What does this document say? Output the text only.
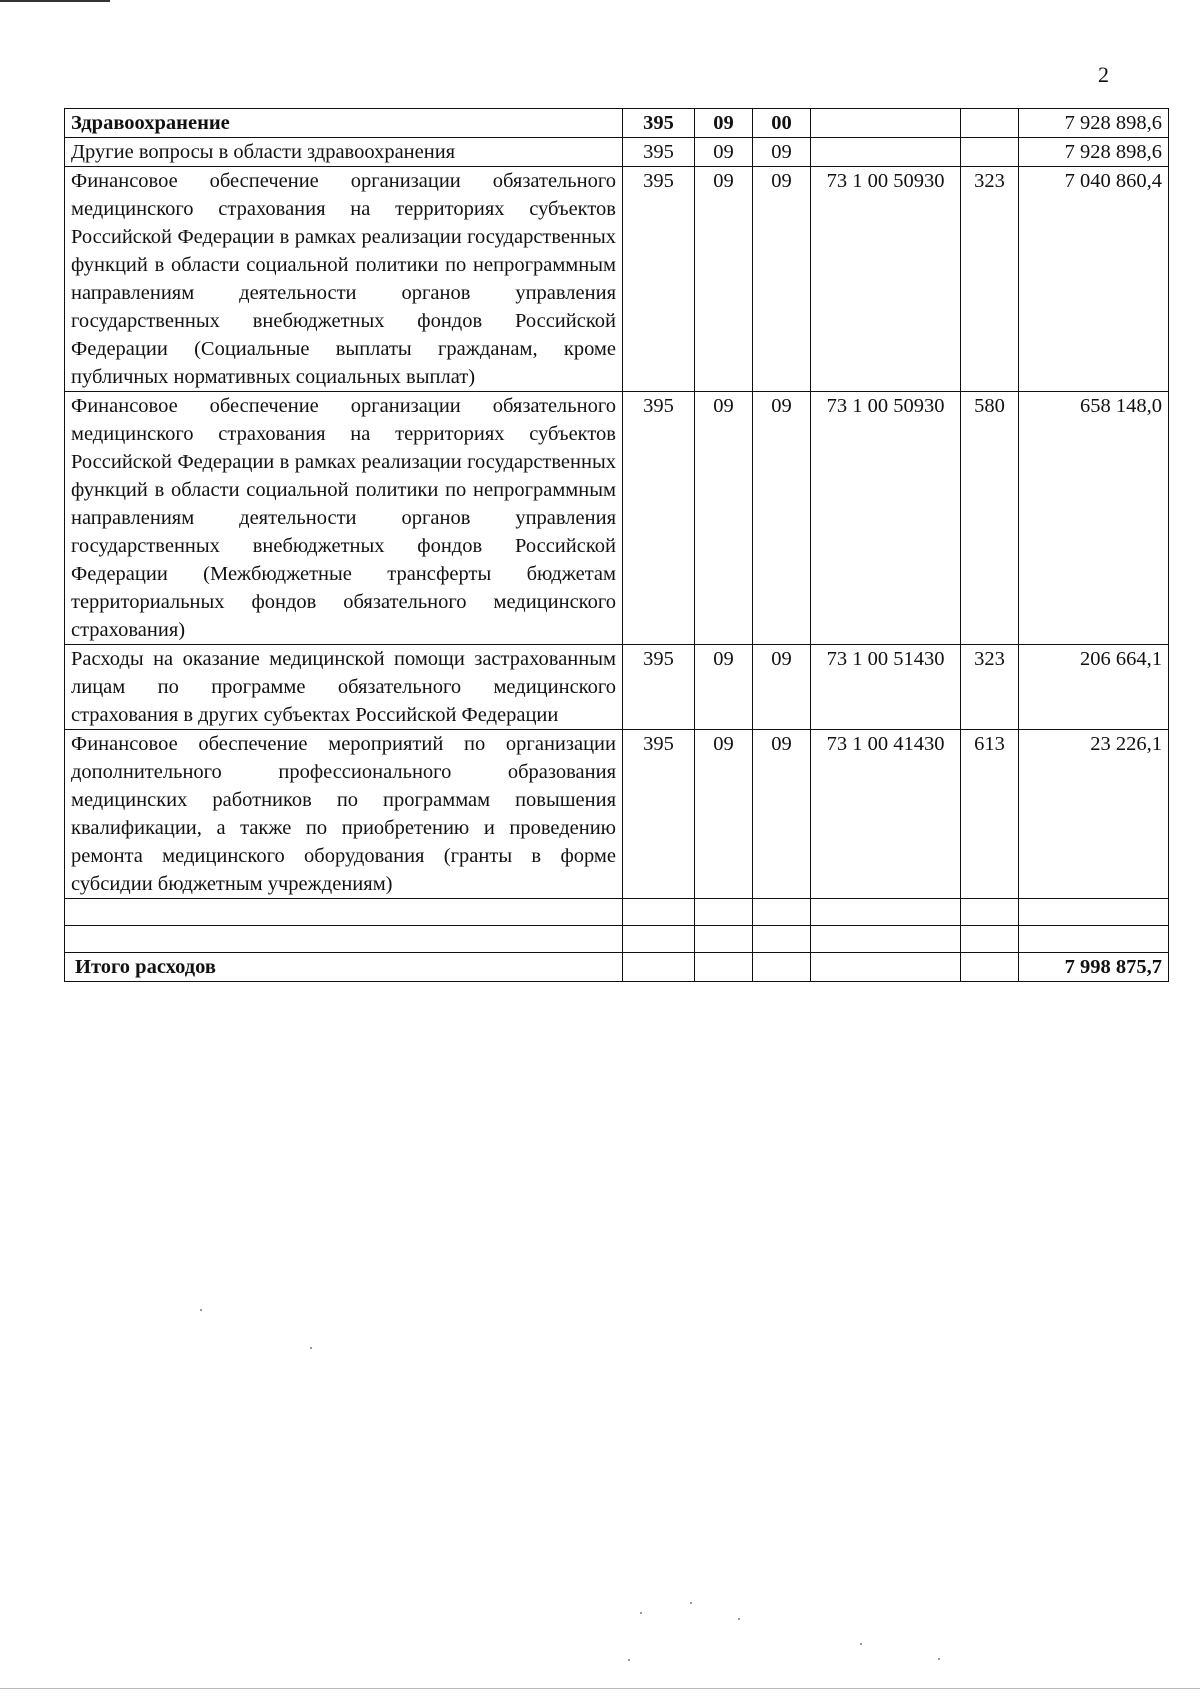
2
Здравоохранение	395	09	00			7 928 898,6
Другие вопросы в области здравоохранения	395	09	09			7 928 898,6
Финансовое обеспечение организации обязательного медицинского страхования на территориях субъектов Российской Федерации в рамках реализации государственных функций в области социальной политики по непрограммным направлениям деятельности органов управления государственных внебюджетных фондов Российской Федерации (Социальные выплаты гражданам, кроме публичных нормативных социальных выплат)	395	09	09	73 1 00 50930	323	7 040 860,4
Финансовое обеспечение организации обязательного медицинского страхования на территориях субъектов Российской Федерации в рамках реализации государственных функций в области социальной политики по непрограммным направлениям деятельности органов управления государственных внебюджетных фондов Российской Федерации (Межбюджетные трансферты бюджетам территориальных фондов обязательного медицинского страхования)	395	09	09	73 1 00 50930	580	658 148,0
Расходы на оказание медицинской помощи застрахованным лицам по программе обязательного медицинского страхования в других субъектах Российской Федерации	395	09	09	73 1 00 51430	323	206 664,1
Финансовое обеспечение мероприятий по организации дополнительного профессионального образования медицинских работников по программам повышения квалификации, а также по приобретению и проведению ремонта медицинского оборудования (гранты в форме субсидии бюджетным учреждениям)	395	09	09	73 1 00 41430	613	23 226,1

Итого расходов						7 998 875,7
